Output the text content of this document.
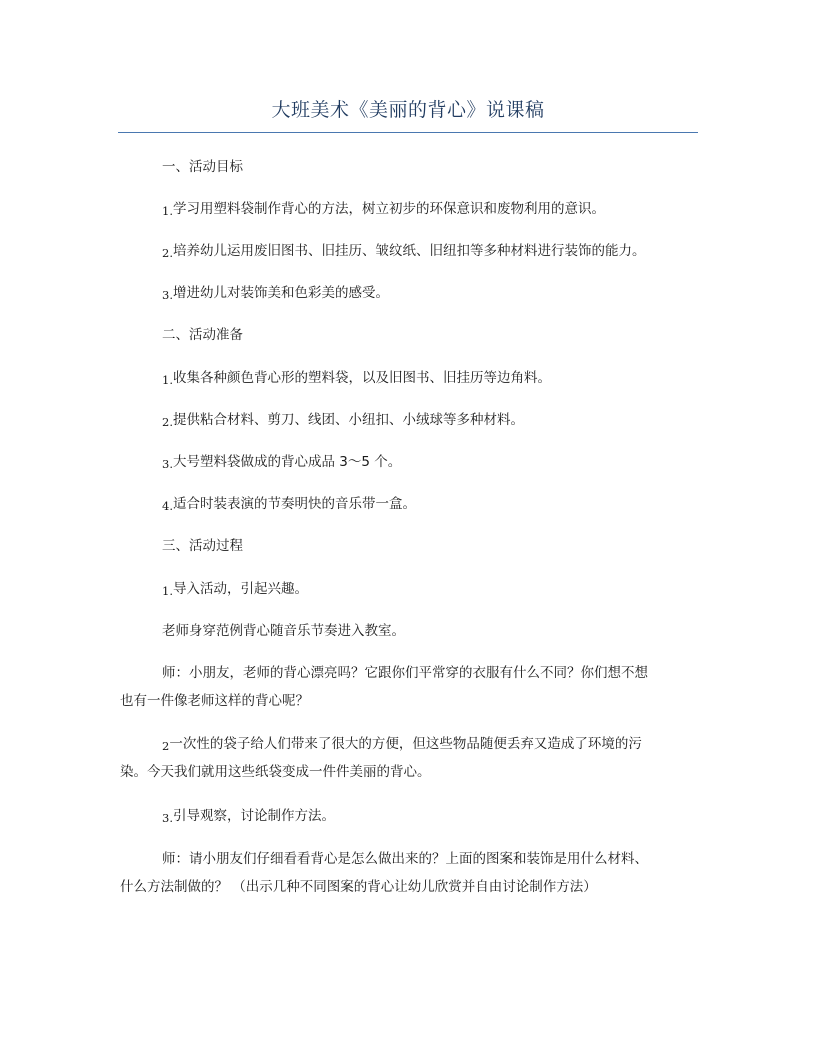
大班美术《美丽的背心》说课稿
一、活动目标
1.学习用塑料袋制作背心的方法，树立初步的环保意识和废物利用的意识。
2.培养幼儿运用废旧图书、旧挂历、皱纹纸、旧纽扣等多种材料进行装饰的能力。
3.增进幼儿对装饰美和色彩美的感受。
二、活动准备
1.收集各种颜色背心形的塑料袋，以及旧图书、旧挂历等边角料。
2.提供粘合材料、剪刀、线团、小纽扣、小绒球等多种材料。
3.大号塑料袋做成的背心成品 3～5 个。
4.适合时装表演的节奏明快的音乐带一盒。
三、活动过程
1.导入活动，引起兴趣。
老师身穿范例背心随音乐节奏进入教室。
师：小朋友，老师的背心漂亮吗？它跟你们平常穿的衣服有什么不同？你们想不想
也有一件像老师这样的背心呢？
2一次性的袋子给人们带来了很大的方便，但这些物品随便丢弃又造成了环境的污
染。今天我们就用这些纸袋变成一件件美丽的背心。
3.引导观察，讨论制作方法。
师：请小朋友们仔细看看背心是怎么做出来的？上面的图案和装饰是用什么材料、
什么方法制做的？ （出示几种不同图案的背心让幼儿欣赏并自由讨论制作方法）
